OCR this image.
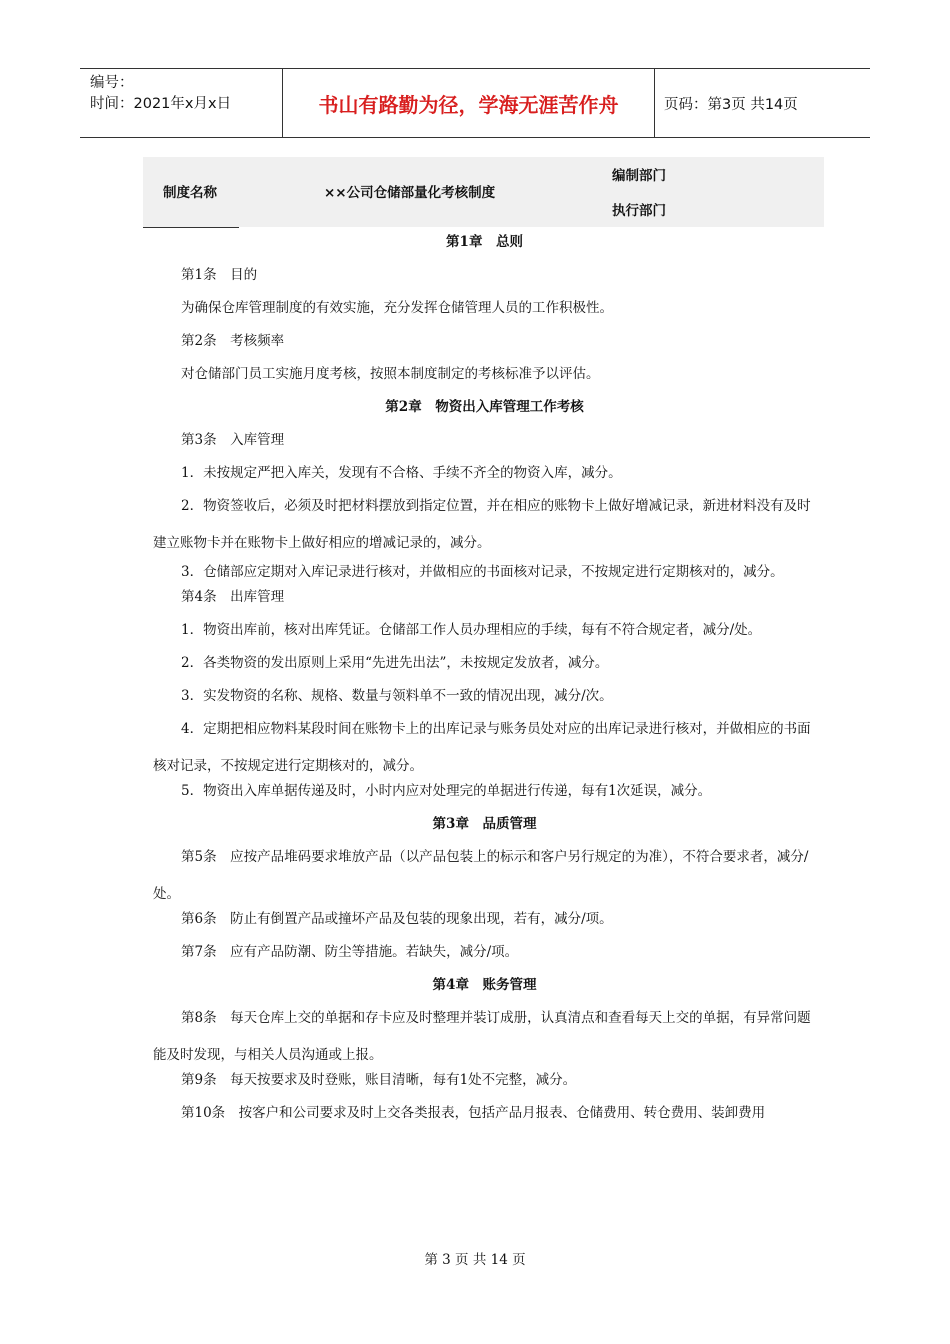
编号：
时间：2021年x月x日	书山有路勤为径，学海无涯苦作舟	页码：第3页 共14页
制度名称	××公司仓储部量化考核制度
编制部门
执行部门

第1章　总则

第1条　目的

为确保仓库管理制度的有效实施，充分发挥仓储管理人员的工作积极性。

第2条　考核频率

对仓储部门员工实施月度考核，按照本制度制定的考核标准予以评估。

第2章　物资出入库管理工作考核

第3条　入库管理

1．未按规定严把入库关，发现有不合格、手续不齐全的物资入库，减分。

2．物资签收后，必须及时把材料摆放到指定位置，并在相应的账物卡上做好增减记录，新进材料没有及时建立账物卡并在账物卡上做好相应的增减记录的，减分。

3．仓储部应定期对入库记录进行核对，并做相应的书面核对记录，不按规定进行定期核对的，减分。

第4条　出库管理

1．物资出库前，核对出库凭证。仓储部工作人员办理相应的手续，每有不符合规定者，减分/处。

2．各类物资的发出原则上采用“先进先出法”，未按规定发放者，减分。

3．实发物资的名称、规格、数量与领料单不一致的情况出现，减分/次。

4．定期把相应物料某段时间在账物卡上的出库记录与账务员处对应的出库记录进行核对，并做相应的书面核对记录，不按规定进行定期核对的，减分。

5．物资出入库单据传递及时，小时内应对处理完的单据进行传递，每有1次延误，减分。

第3章　品质管理

第5条　应按产品堆码要求堆放产品（以产品包装上的标示和客户另行规定的为准），不符合要求者，减分/处。

第6条　防止有倒置产品或撞坏产品及包装的现象出现，若有，减分/项。

第7条　应有产品防潮、防尘等措施。若缺失，减分/项。

第4章　账务管理

第8条　每天仓库上交的单据和存卡应及时整理并装订成册，认真清点和查看每天上交的单据，有异常问题能及时发现，与相关人员沟通或上报。

第9条　每天按要求及时登账，账目清晰，每有1处不完整，减分。

第10条　按客户和公司要求及时上交各类报表，包括产品月报表、仓储费用、转仓费用、装卸费用

第 3 页 共 14 页
